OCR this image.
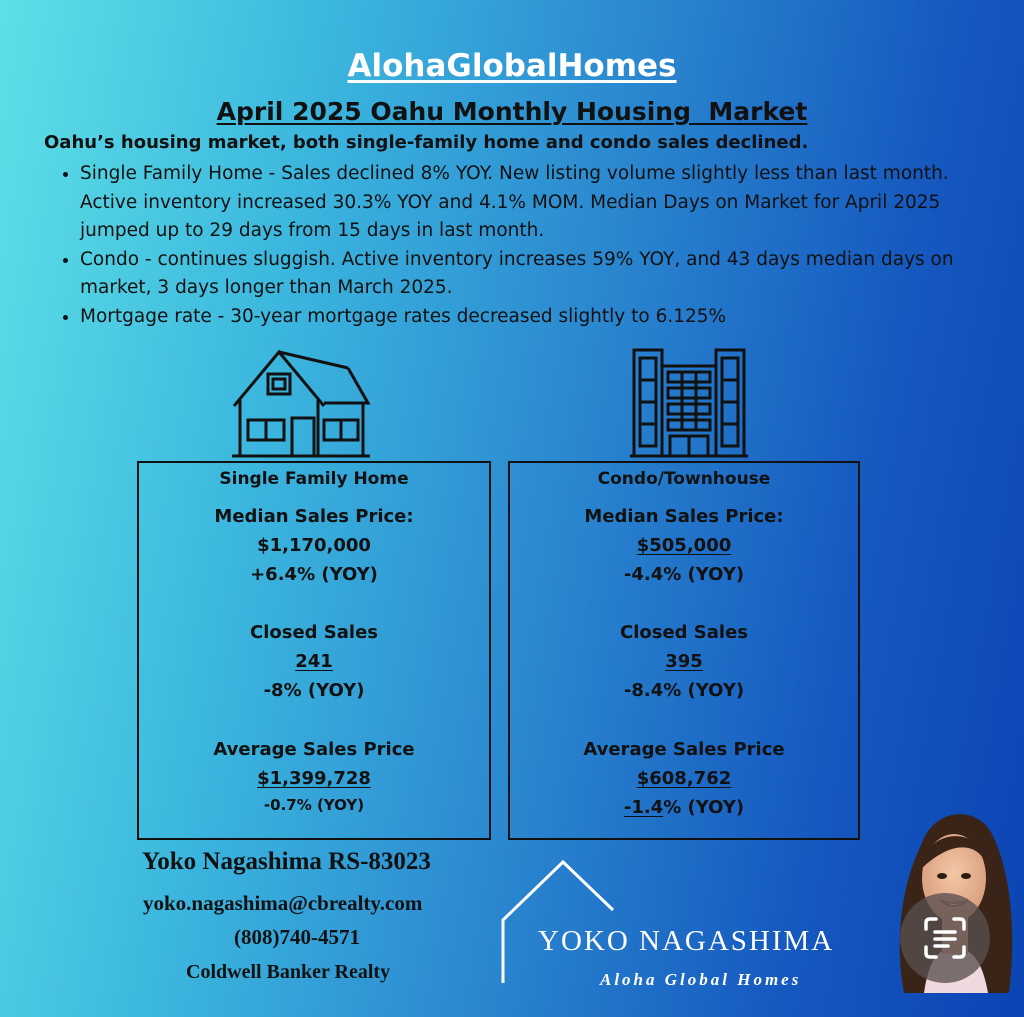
AlohaGlobalHomes
April 2025 Oahu Monthly Housing  Market
Oahu’s housing market, both single-family home and condo sales declined.
• Single Family Home - Sales declined 8% YOY. New listing volume slightly less than last month. Active inventory increased 30.3% YOY and 4.1% MOM. Median Days on Market for April 2025 jumped up to 29 days from 15 days in last month.
• Condo - continues sluggish. Active inventory increases 59% YOY, and 43 days median days on market, 3 days longer than March 2025.
• Mortgage rate - 30-year mortgage rates decreased slightly to 6.125%
Single Family Home
Median Sales Price:
$1,170,000
+6.4% (YOY)
Closed Sales
241
-8% (YOY)
Average Sales Price
$1,399,728
-0.7% (YOY)
Condo/Townhouse
Median Sales Price:
$505,000
-4.4% (YOY)
Closed Sales
395
-8.4% (YOY)
Average Sales Price
$608,762
-1.4% (YOY)
Yoko Nagashima RS-83023
yoko.nagashima@cbrealty.com
(808)740-4571
Coldwell Banker Realty
YOKO NAGASHIMA
Aloha Global Homes
